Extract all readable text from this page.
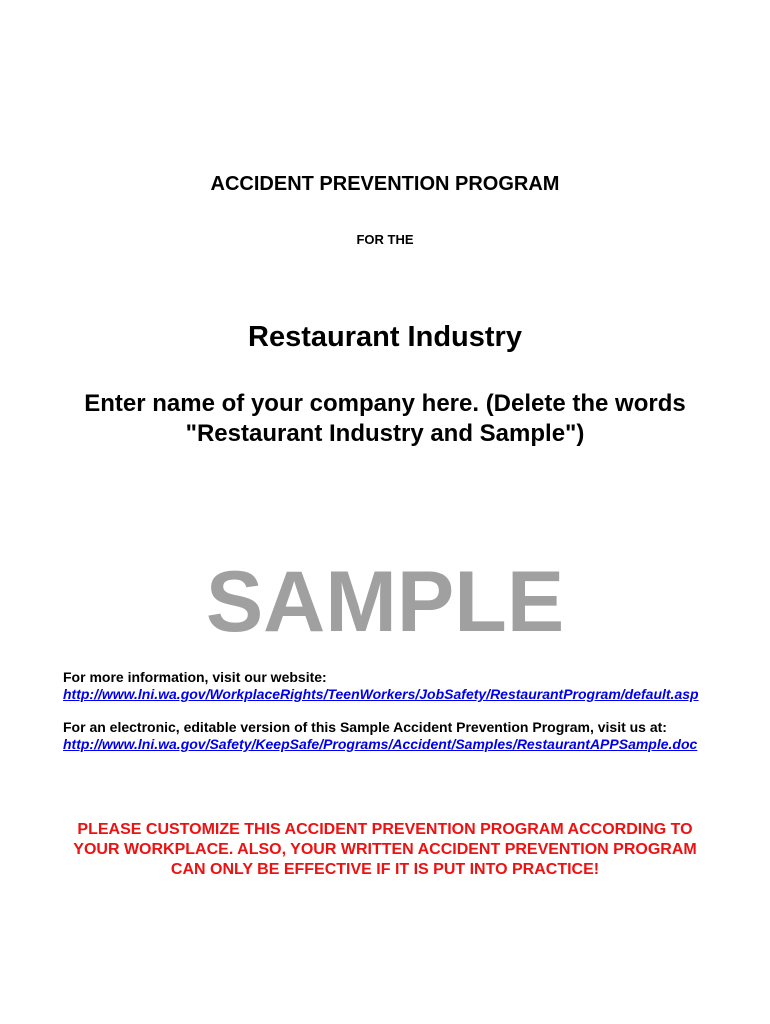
ACCIDENT PREVENTION PROGRAM
FOR THE
Restaurant Industry
Enter name of your company here. (Delete the words "Restaurant Industry and Sample")
SAMPLE
For more information, visit our website:
http://www.lni.wa.gov/WorkplaceRights/TeenWorkers/JobSafety/RestaurantProgram/default.asp
For an electronic, editable version of this Sample Accident Prevention Program, visit us at:
http://www.lni.wa.gov/Safety/KeepSafe/Programs/Accident/Samples/RestaurantAPPSample.doc
PLEASE CUSTOMIZE THIS ACCIDENT PREVENTION PROGRAM ACCORDING TO YOUR WORKPLACE. ALSO, YOUR WRITTEN ACCIDENT PREVENTION PROGRAM CAN ONLY BE EFFECTIVE IF IT IS PUT INTO PRACTICE!
